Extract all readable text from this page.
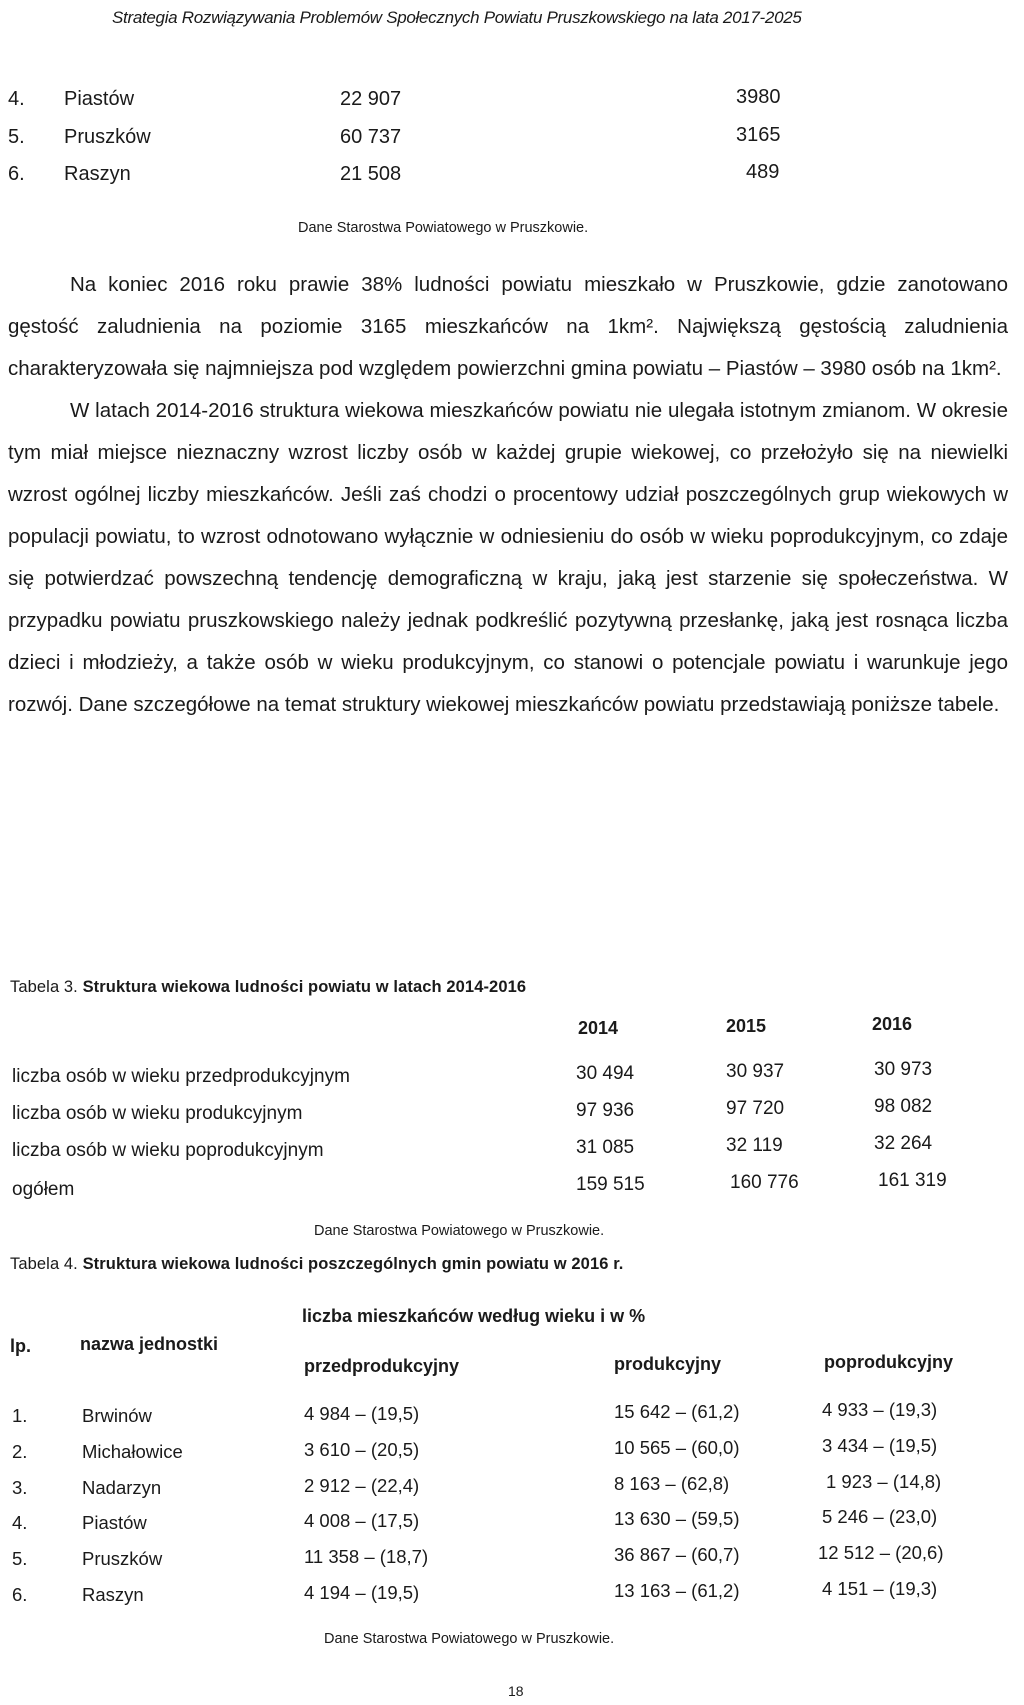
Strategia Rozwiązywania Problemów Społecznych Powiatu Pruszkowskiego na lata 2017-2025
4. Piastów	22 907	3980
5. Pruszków	60 737	3165
6. Raszyn	21 508	489
Dane Starostwa Powiatowego w Pruszkowie.

Na koniec 2016 roku prawie 38% ludności powiatu mieszkało w Pruszkowie, gdzie zanotowano gęstość zaludnienia na poziomie 3165 mieszkańców na 1km². Największą gęstością zaludnienia charakteryzowała się najmniejsza pod względem powierzchni gmina powiatu – Piastów – 3980 osób na 1km².

W latach 2014-2016 struktura wiekowa mieszkańców powiatu nie ulegała istotnym zmianom. W okresie tym miał miejsce nieznaczny wzrost liczby osób w każdej grupie wiekowej, co przełożyło się na niewielki wzrost ogólnej liczby mieszkańców. Jeśli zaś chodzi o procentowy udział poszczególnych grup wiekowych w populacji powiatu, to wzrost odnotowano wyłącznie w odniesieniu do osób w wieku poprodukcyjnym, co zdaje się potwierdzać powszechną tendencję demograficzną w kraju, jaką jest starzenie się społeczeństwa. W przypadku powiatu pruszkowskiego należy jednak podkreślić pozytywną przesłankę, jaką jest rosnąca liczba dzieci i młodzieży, a także osób w wieku produkcyjnym, co stanowi o potencjale powiatu i warunkuje jego rozwój. Dane szczegółowe na temat struktury wiekowej mieszkańców powiatu przedstawiają poniższe tabele.

Tabela 3. Struktura wiekowa ludności powiatu w latach 2014-2016
2014	2015	2016
liczba osób w wieku przedprodukcyjnym	30 494	30 937	30 973
liczba osób w wieku produkcyjnym	97 936	97 720	98 082
liczba osób w wieku poprodukcyjnym	31 085	32 119	32 264
ogółem	159 515	160 776	161 319
Dane Starostwa Powiatowego w Pruszkowie.
Tabela 4. Struktura wiekowa ludności poszczególnych gmin powiatu w 2016 r.
liczba mieszkańców według wieku i w %
lp.	nazwa jednostki
przedprodukcyjny	produkcyjny	poprodukcyjny
1.	Brwinów	4 984 – (19,5)	15 642 – (61,2)	4 933 – (19,3)
2.	Michałowice	3 610 – (20,5)	10 565 – (60,0)	3 434 – (19,5)
3.	Nadarzyn	2 912 – (22,4)	8 163 – (62,8)	1 923 – (14,8)
4.	Piastów	4 008 – (17,5)	13 630 – (59,5)	5 246 – (23,0)
5.	Pruszków	11 358 – (18,7)	36 867 – (60,7)	12 512 – (20,6)
6.	Raszyn	4 194 – (19,5)	13 163 – (61,2)	4 151 – (19,3)
Dane Starostwa Powiatowego w Pruszkowie.
18
